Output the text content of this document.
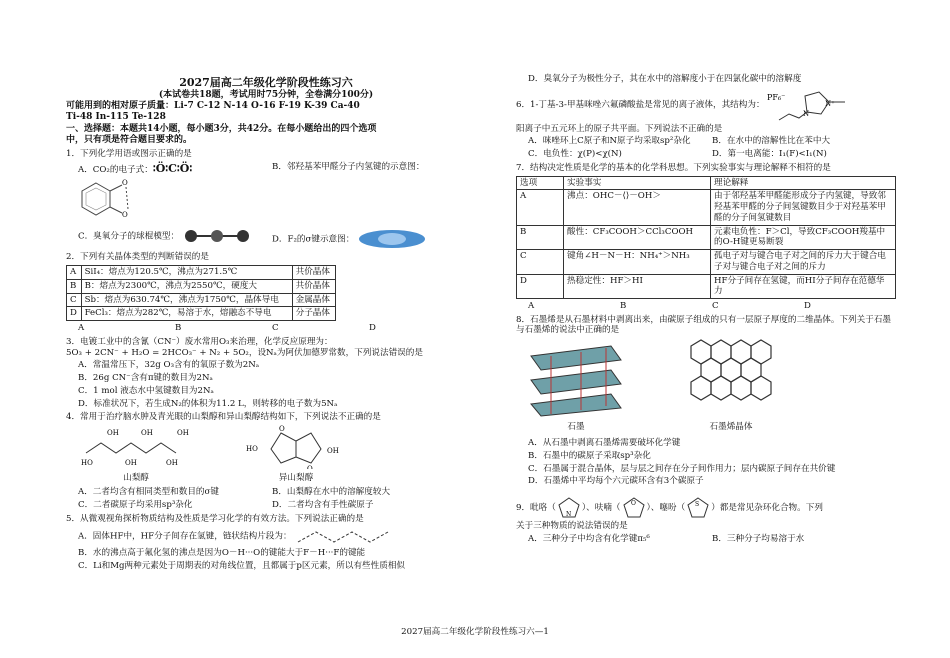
2027届高二年级化学阶段性练习六
(本试卷共18题，考试用时75分钟，全卷满分100分)
可能用到的相对原子质量：Li-7 C-12 N-14 O-16 F-19 K-39 Ca-40
Ti-48 In-115 Te-128
一、选择题：本题共14小题，每小题3分，共42分。在每小题给出的四个选项
中，只有项是符合题目要求的。
1．下列化学用语或图示正确的是
A．CO₂的电子式：∶Ö∶C∶Ö∶	B．邻羟基苯甲醛分子内氢键的示意图：
O
O
C．臭氧分子的球棍模型：	D．F₂的σ键示意图：
2．下列有关晶体类型的判断错误的是
A	SiI₄：熔点为120.5℃，沸点为271.5℃	共价晶体
B	B：熔点为2300℃，沸点为2550℃，硬度大	共价晶体
C	Sb：熔点为630.74℃，沸点为1750℃，晶体导电	金属晶体
D	FeCl₃：熔点为282℃，易溶于水，熔融态不导电	分子晶体
A	B	C	D
3．电镀工业中的含氰（CN⁻）废水常用O₃来治理，化学反应原理为：
5O₃ + 2CN⁻ + H₂O = 2HCO₃⁻ + N₂ + 5O₂，设Nₐ为阿伏加德罗常数，下列说法错误的是
A．常温常压下，32g O₃含有的氧原子数为2Nₐ
B．26g CN⁻含有π键的数目为2Nₐ
C．1 mol 液态水中氢键数目为2Nₐ
D．标准状况下，若生成N₂的体积为11.2 L，则转移的电子数为5Nₐ
4．常用于治疗脑水肿及青光眼的山梨醇和异山梨醇结构如下，下列说法不正确的是
HO
OH
OH
OH
OH
OH
山梨醇
HO	OH
O
O
异山梨醇
A．二者均含有相同类型和数目的σ键	B．山梨醇在水中的溶解度较大
C．二者碳原子均采用sp³杂化	D．二者均含有手性碳原子
5．从微观视角探析物质结构及性质是学习化学的有效方法。下列说法正确的是
A．固体HF中，HF分子间存在氢键，链状结构片段为：
B．水的沸点高于氟化氢的沸点是因为O－H···O的键能大于F－H···F的键能
C．Li和Mg两种元素处于周期表的对角线位置，且都属于p区元素，所以有些性质相似
D．臭氧分子为极性分子，其在水中的溶解度小于在四氯化碳中的溶解度
6．1-丁基-3-甲基咪唑六氟磷酸盐是常见的离子液体，其结构为：
PF₆⁻
N
N⁺
阳离子中五元环上的原子共平面。下列说法不正确的是
A．咪唑环上C原子和N原子均采取sp²杂化	B．在水中的溶解性比在苯中大
C．电负性：χ(P)<χ(N)	D．第一电离能：I₁(F)<I₁(N)
7．结构决定性质是化学的基本的化学科思想。下列实验事实与理论解释不相符的是
选项	实验事实	理论解释
A	沸点：OHC－⟨⟩－OH＞	由于邻羟基苯甲醛能形成分子内氢键，导致邻羟基苯甲醛的分子间氢键数目少于对羟基苯甲醛的分子间氢键数目
B	酸性：CF₃COOH＞CCl₃COOH	元素电负性：F＞Cl，导致CF₃COOH羧基中的O-H键更易断裂
C	键角∠H－N－H：NH₄⁺＞NH₃	孤电子对与键合电子对之间的斥力大于键合电子对与键合电子对之间的斥力
D	热稳定性：HF＞HI	HF分子间存在氢键，而HI分子间存在范德华力
A	B	C	D
8．石墨烯是从石墨材料中剥离出来，由碳原子组成的只有一层原子厚度的二维晶体。下列关于石墨与石墨烯的说法中正确的是
石墨	石墨烯晶体
A．从石墨中剥离石墨烯需要破坏化学键
B．石墨中的碳原子采取sp³杂化
C．石墨属于混合晶体，层与层之间存在分子间作用力；层内碳原子间存在共价键
D．石墨烯中平均每个六元碳环含有3个碳原子
9．吡咯（
N
）、呋喃（ O ）、噻吩（ S ）都是常见杂环化合物。下列
关于三种物质的说法错误的是
A．三种分子中均含有化学键π₅⁶	B．三种分子均易溶于水
2027届高二年级化学阶段性练习六—1
